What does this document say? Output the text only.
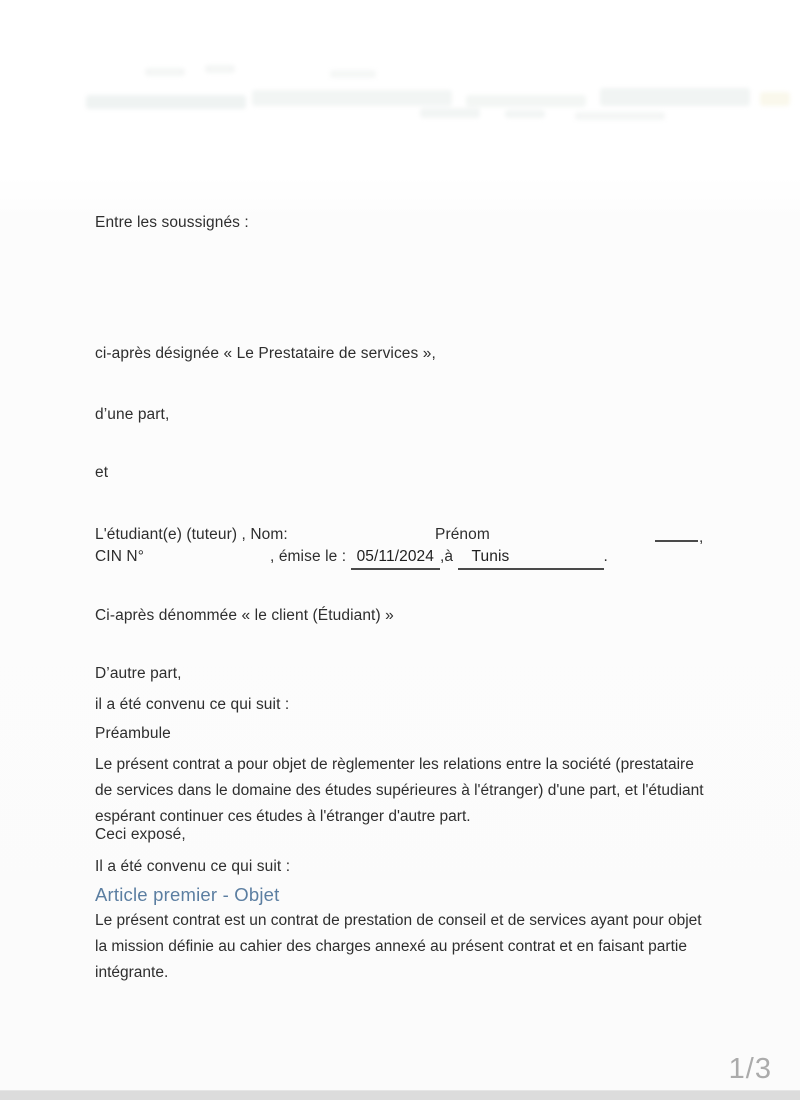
Entre les soussignés :
ci-après désignée « Le Prestataire de services »,
d’une part,
et
L'étudiant(e) (tuteur) , Nom:	Prénom	,
CIN N°	, émise le : 05/11/2024 ,à Tunis	.
Ci-après dénommée « le client (Étudiant) »
D’autre part,
il a été convenu ce qui suit :
Préambule
Le présent contrat a pour objet de règlementer les relations entre la société (prestataire de services dans le domaine des études supérieures à l'étranger) d'une part, et l'étudiant espérant continuer ces études à l'étranger d'autre part.
Ceci exposé,
Il a été convenu ce qui suit :
Article premier - Objet
Le présent contrat est un contrat de prestation de conseil et de services ayant pour objet la mission définie au cahier des charges annexé au présent contrat et en faisant partie intégrante.
1/3
